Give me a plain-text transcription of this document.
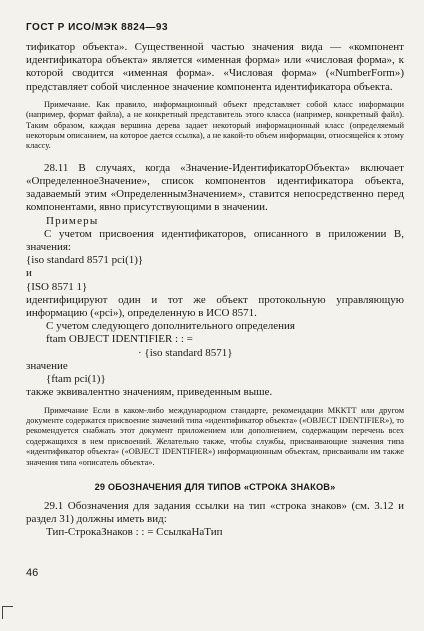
ГОСТ Р ИСО/МЭК 8824—93

тификатор объекта». Существенной частью значения вида — «компонент идентификатора объекта» является «именная форма» или «числовая форма», к которой сводится «именная форма». «Числовая форма» («NumberForm») представляет собой численное значение компонента идентификатора объекта.

Примечание. Как правило, информационный объект представляет собой класс информации (например, формат файла), а не конкретный представитель этого класса (например, конкретный файл). Таким образом, каждая вершина дерева задает некоторый информационный класс (определяемый некоторым описанием, на которое дается ссылка), а не какой-то объем информации, относящейся к этому классу.

28.11 В случаях, когда «Значение-ИдентификаторОбъекта» включает «ОпределенноеЗначение», список компонентов идентификатора объекта, задаваемый этим «ОпределеннымЗначением», ставится непосредственно перед компонентами, явно присутствующими в значении.

Примеры

С учетом присвоения идентификаторов, описанного в приложении В, значения:

{iso standard 8571 pci(1)}
и
{ISO 8571 1}

идентифицируют один и тот же объект протокольную управляющую информацию («pci»), определенную в ИСО 8571.

С учетом следующего дополнительного определения
ftam OBJECT IDENTIFIER : : =
· {iso standard 8571}
значение
{ftam pci(1)}
также эквивалентно значениям, приведенным выше.

Примечание Если в каком-либо международном стандарте, рекомендации МККТТ или другом документе содержатся присвоение значений типа «идентификатор объекта» («OBJECT IDENTIFIER»), то рекомендуется снабжать этот документ приложением или дополнением, содержащим перечень всех содержащихся в нем присвоений. Желательно также, чтобы службы, присваивающие значения типа «идентификатор объекта» («OBJECT IDENTIFIER») информационным объектам, присваивали им также значения типа «описатель объекта».

29 ОБОЗНАЧЕНИЯ ДЛЯ ТИПОВ «СТРОКА ЗНАКОВ»

29.1 Обозначения для задания ссылки на тип «строка знаков» (см. 3.12 и раздел 31) должны иметь вид:

Тип-СтрокаЗнаков : : = СсылкаНаТип
46
